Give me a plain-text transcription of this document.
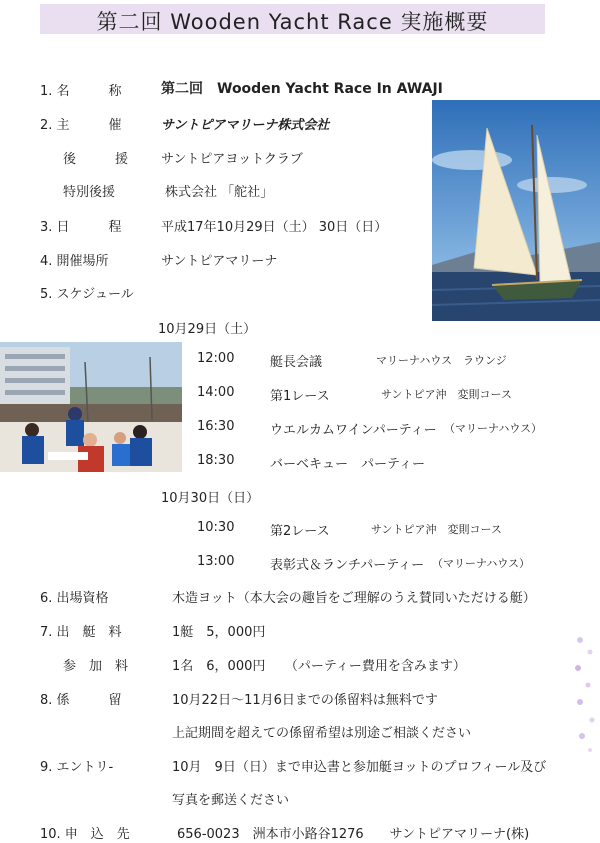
第二回 Wooden Yacht Race 実施概要
1. 名　　　称	第二回　Wooden Yacht Race In AWAJI
2. 主　　　催	サントピアマリーナ株式会社
後　　　援	サントピアヨットクラブ
特別後援	株式会社 「舵社」
3. 日　　　程	平成17年10月29日（土） 30日（日）
4. 開催場所	サントピアマリーナ
5. スケジュール
10月29日（土）
12:00	艇長会議	マリーナハウス　ラウンジ
14:00	第1レース	サントピア沖　変則コース
16:30	ウエルカムワインパーティー （マリーナハウス）
18:30	バーベキュー　パーティー
10月30日（日）
10:30	第2レース	サントピア沖　変則コース
13:00	表彰式＆ランチパーティー （マリーナハウス）
6. 出場資格	木造ヨット（本大会の趣旨をご理解のうえ賛同いただける艇）
7. 出　艇　料	1艇　5，000円
参　加　料	1名　6，000円　　（パーティー費用を含みます）
8. 係　　　留	10月22日～11月6日までの係留料は無料です
上記期間を超えての係留希望は別途ご相談ください
9. エントリ-	10月　9日（日）まで申込書と参加艇ヨットのプロフィール及び
写真を郵送ください
10. 申　込　先	656-0023　洲本市小路谷1276　　サントピアマリーナ(株)
